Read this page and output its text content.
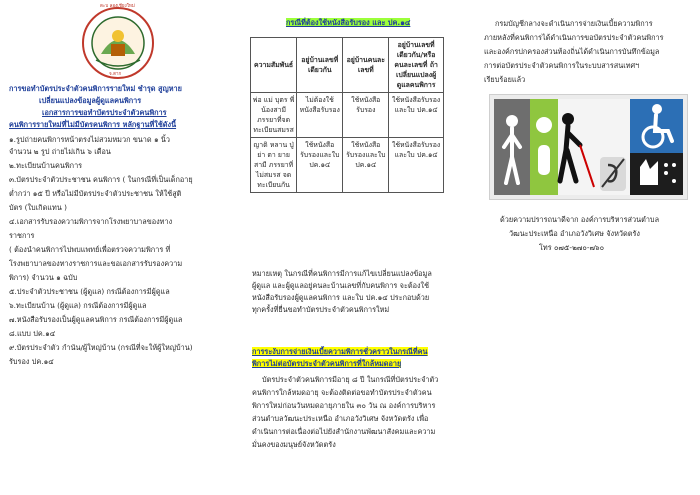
ตะบ ลองเชียงใหม่
จ.ตาก
การขอทำบัตรประจำตัวคนพิการรายใหม่ ชำรุด สูญหาย
เปลี่ยนแปลงข้อมูลผู้ดูแลคนพิการ
เอกสารการขอทำบัตรประจำตัวคนพิการ
คนพิการรายใหม่ที่ไม่มีบัตรคนพิการ หลักฐานที่ใช้ดังนี้
๑.รูปถ่ายคนพิการหน้าตรงไม่สวมหมวก ขนาด ๑ นิ้ว
จำนวน ๒ รูป ถ่ายไม่เกิน ๖ เดือน
๒.ทะเบียนบ้านคนพิการ
๓.บัตรประจำตัวประชาชน คนพิการ ( ในกรณีที่เป็นเด็กอายุ
ต่ำกว่า ๑๕ ปี หรือไม่มีบัตรประจำตัวประชาชน ให้ใช้สูติ
บัตร (ใบเกิดแทน )
๔.เอกสารรับรองความพิการจากโรงพยาบาลของทาง
ราชการ
( ต้องนำคนพิการไปพบแพทย์เพื่อตรวจความพิการ ที่
โรงพยาบาลของทางราชการและขอเอกสารรับรองความ
พิการ) จำนวน ๑ ฉบับ
๕.ประจำตัวประชาชน (ผู้ดูแล) กรณีต้องการมีผู้ดูแล
๖.ทะเบียนบ้าน (ผู้ดูแล) กรณีต้องการมีผู้ดูแล
๗.หนังสือรับรองเป็นผู้ดูแลคนพิการ กรณีต้องการมีผู้ดูแล
๘.แบบ ปค.๑๔
๙.บัตรประจำตัว กำนัน/ผู้ใหญ่บ้าน (กรณีที่จะให้ผู้ใหญ่บ้าน)
รับรอง ปค.๑๔
กรณีที่ต้องใช้หนังสือรับรอง และ ปค.๑๔
ความสัมพันธ์	อยู่บ้านเลขที่เดียวกัน	อยู่บ้านคนละเลขที่	อยู่บ้านเลขที่เดียวกัน/หรือคนละเลขที่ ถ้าเปลี่ยนแปลงผู้ดูแลคนพิการ
พ่อ แม่ บุตร พี่น้องสามี ภรรยาที่จดทะเบียนสมรส	ไม่ต้องใช้หนังสือรับรอง	ใช้หนังสือรับรอง	ใช้หนังสือรับรองและใบ ปค.๑๔
ญาติ หลาน ปู่ ย่า ตา ยาย สามี ภรรยาที่ไม่สมรส จดทะเบียนกัน	ใช้หนังสือรับรองและใบ ปค.๑๔	ใช้หนังสือรับรองและใบ ปค.๑๔	ใช้หนังสือรับรองและใบ ปค.๑๔
หมายเหตุ ในกรณีที่คนพิการมีการแก้ไขเปลี่ยนแปลงข้อมูล
ผู้ดูแล และผู้ดูแลอยู่คนละบ้านเลขที่กับคนพิการ จะต้องใช้
หนังสือรับรองผู้ดูแลคนพิการ และใบ ปค.๑๔ ประกอบด้วย
ทุกครั้งที่ยื่นขอทำบัตรประจำตัวคนพิการใหม่
การระงับการจ่ายเงินเบี้ยความพิการชั่วคราวในกรณีที่คน
พิการไม่ต่อบัตรประจำตัวคนพิการที่ใกล้หมดอายุ
บัตรประจำตัวคนพิการมีอายุ ๘ ปี ในกรณีที่บัตรประจำตัว
คนพิการใกล้หมดอายุ จะต้องติดต่อขอทำบัตรประจำตัวคน
พิการใหม่ก่อนวันหมดอายุภายใน ๓๐ วัน ณ องค์การบริหาร
ส่วนตำบลวัฒนะประเหนือ อำเภอวังวิเศษ จังหวัดตรัง เพื่อ
ดำเนินการต่อเนื่องต่อไปยังสำนักงานพัฒนาสังคมและความ
มั่นคงของมนุษย์จังหวัดตรัง
กรมบัญชีกลางจะดำเนินการจ่ายเงินเบี้ยความพิการ
ภายหลังที่คนพิการได้ดำเนินการขอบัตรประจำตัวคนพิการ
และองค์กรปกครองส่วนท้องถิ่นได้ดำเนินการบันทึกข้อมูล
การต่อบัตรประจำตัวคนพิการในระบบสารสนเทศฯ
เรียบร้อยแล้ว
ด้วยความปรารถนาดีจาก องค์การบริหารส่วนตำบล
วัฒนะประเหนือ อำเภอวังวิเศษ จังหวัดตรัง
โทร ๐๗๕-๒๗๐-๗๖๐
